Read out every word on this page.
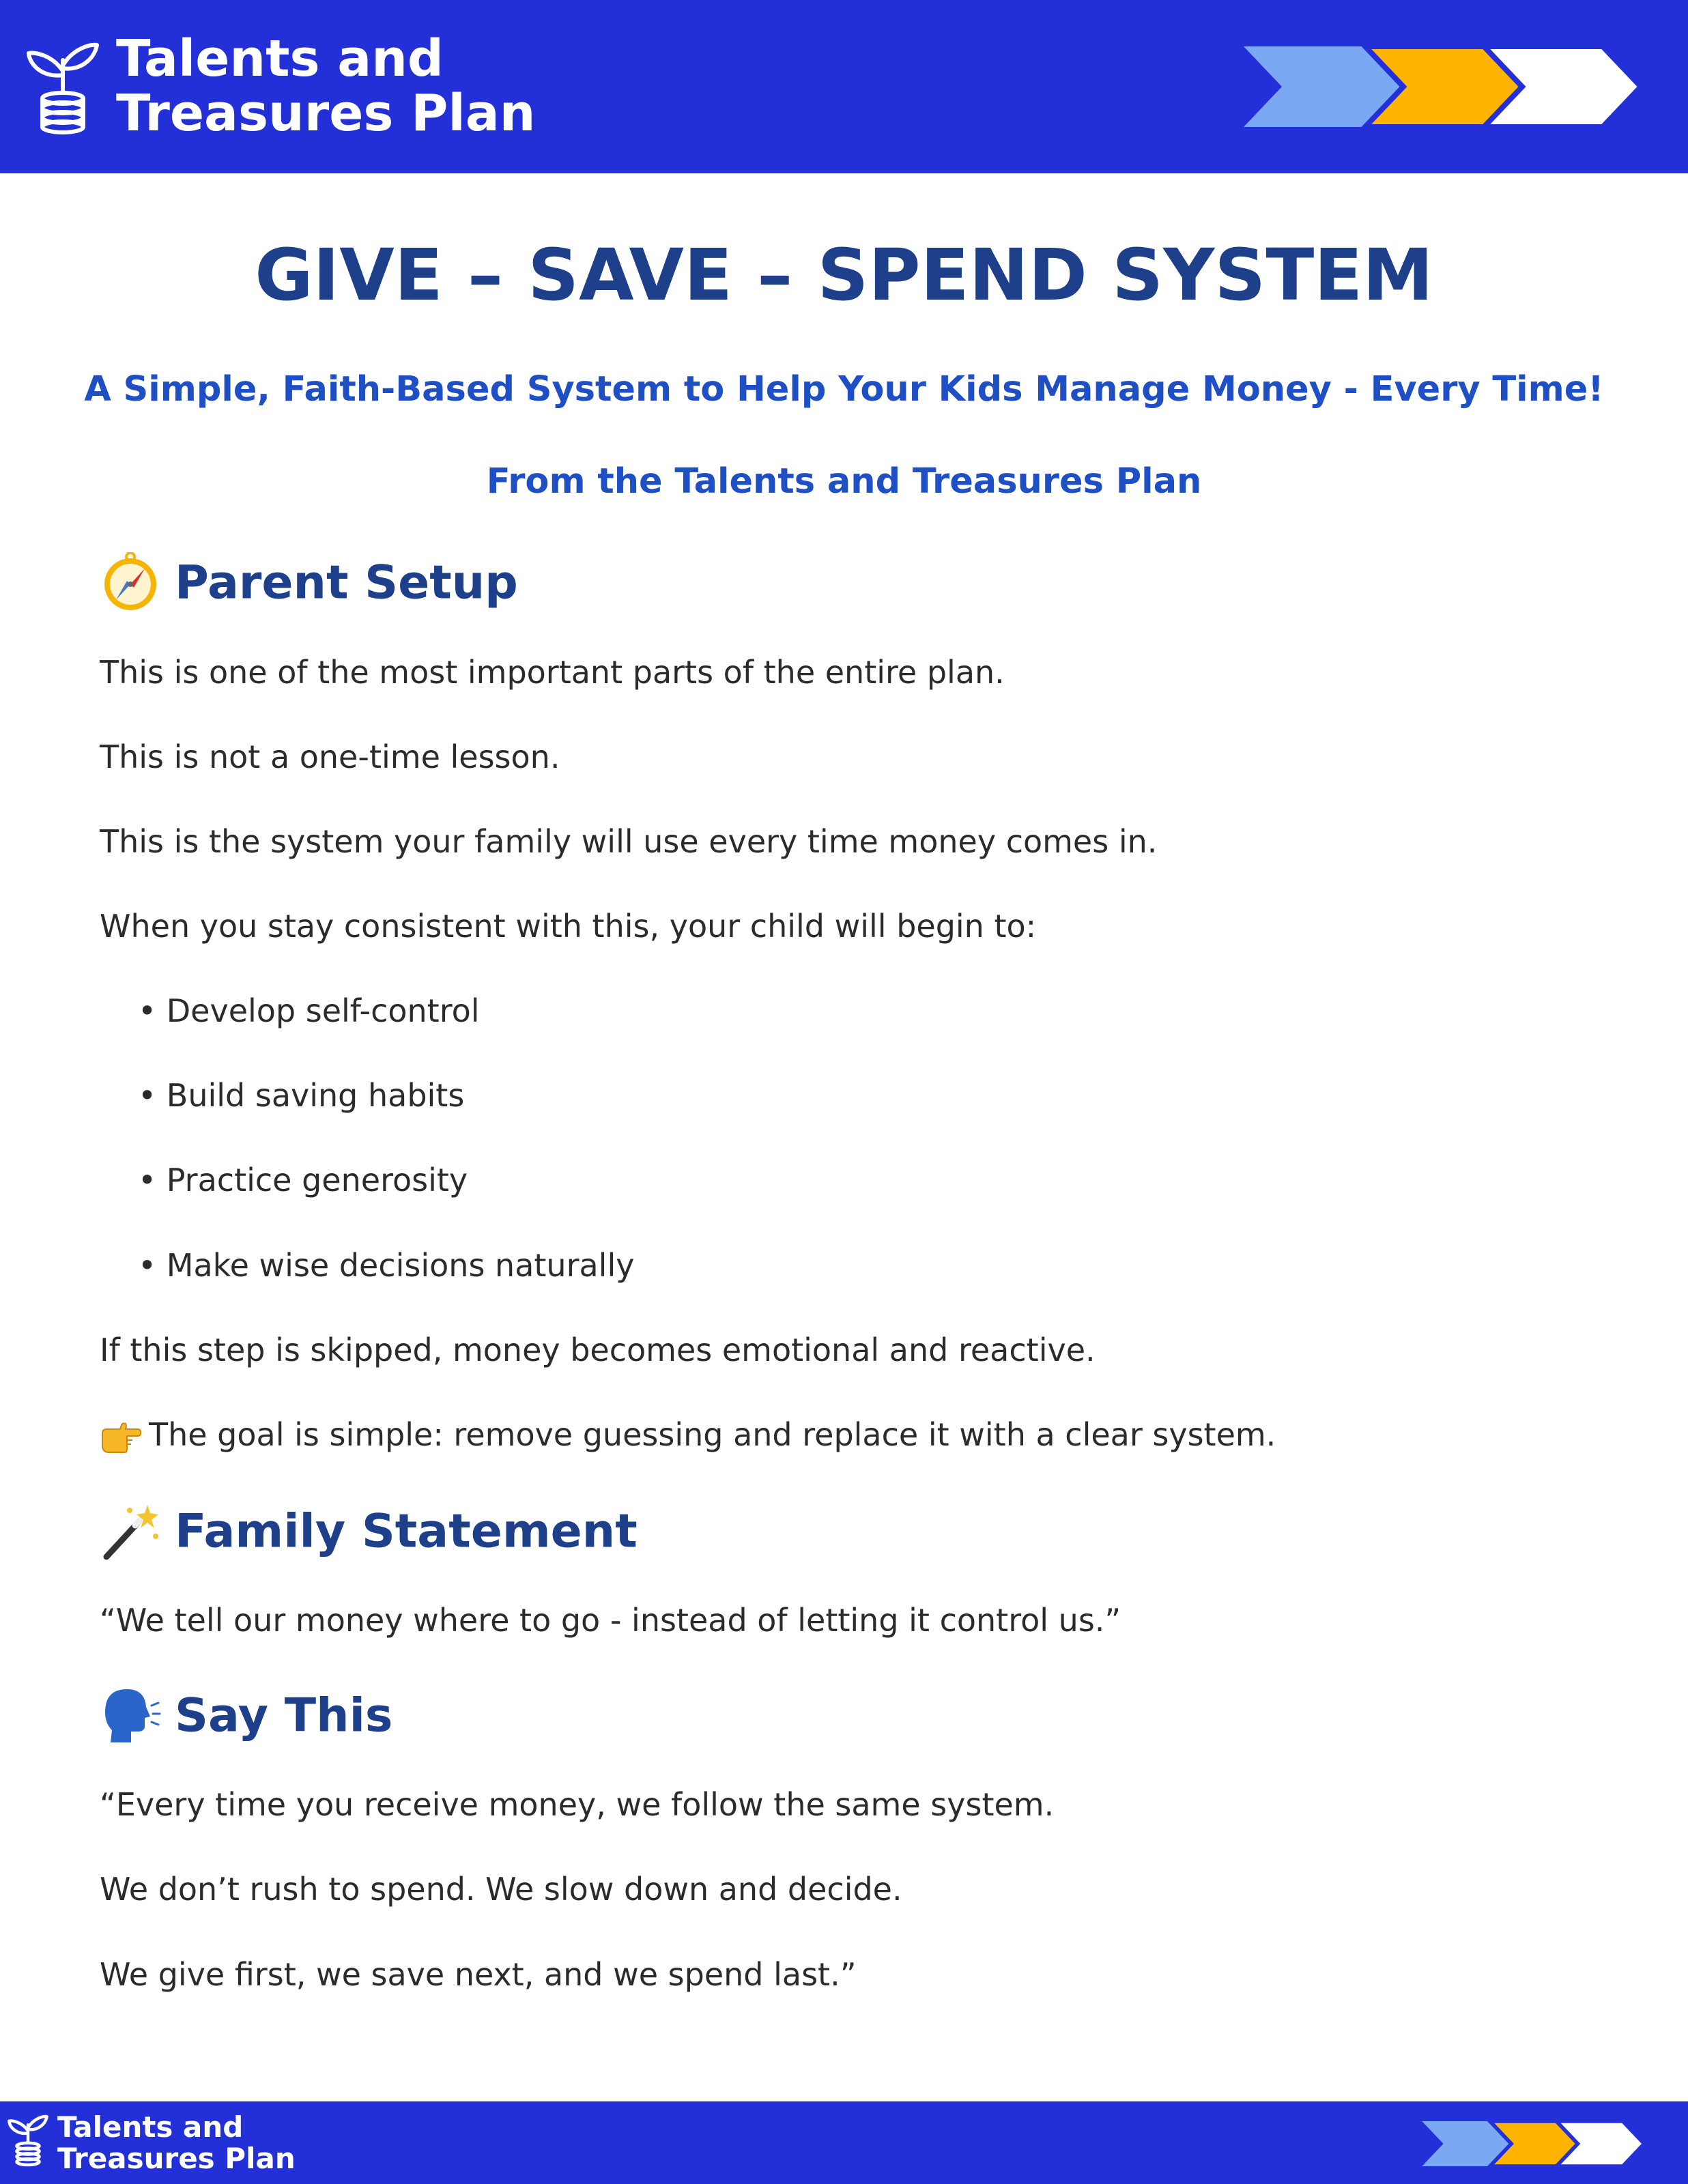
Talents and
Treasures Plan
GIVE – SAVE – SPEND SYSTEM
A Simple, Faith-Based System to Help Your Kids Manage Money - Every Time!
From the Talents and Treasures Plan
Parent Setup
This is one of the most important parts of the entire plan.
This is not a one-time lesson.
This is the system your family will use every time money comes in.
When you stay consistent with this, your child will begin to:
• Develop self-control
• Build saving habits
• Practice generosity
• Make wise decisions naturally
If this step is skipped, money becomes emotional and reactive.
The goal is simple: remove guessing and replace it with a clear system.
Family Statement
“We tell our money where to go - instead of letting it control us.”
Say This
“Every time you receive money, we follow the same system.
We don’t rush to spend. We slow down and decide.
We give first, we save next, and we spend last.”
Talents and
Treasures Plan
